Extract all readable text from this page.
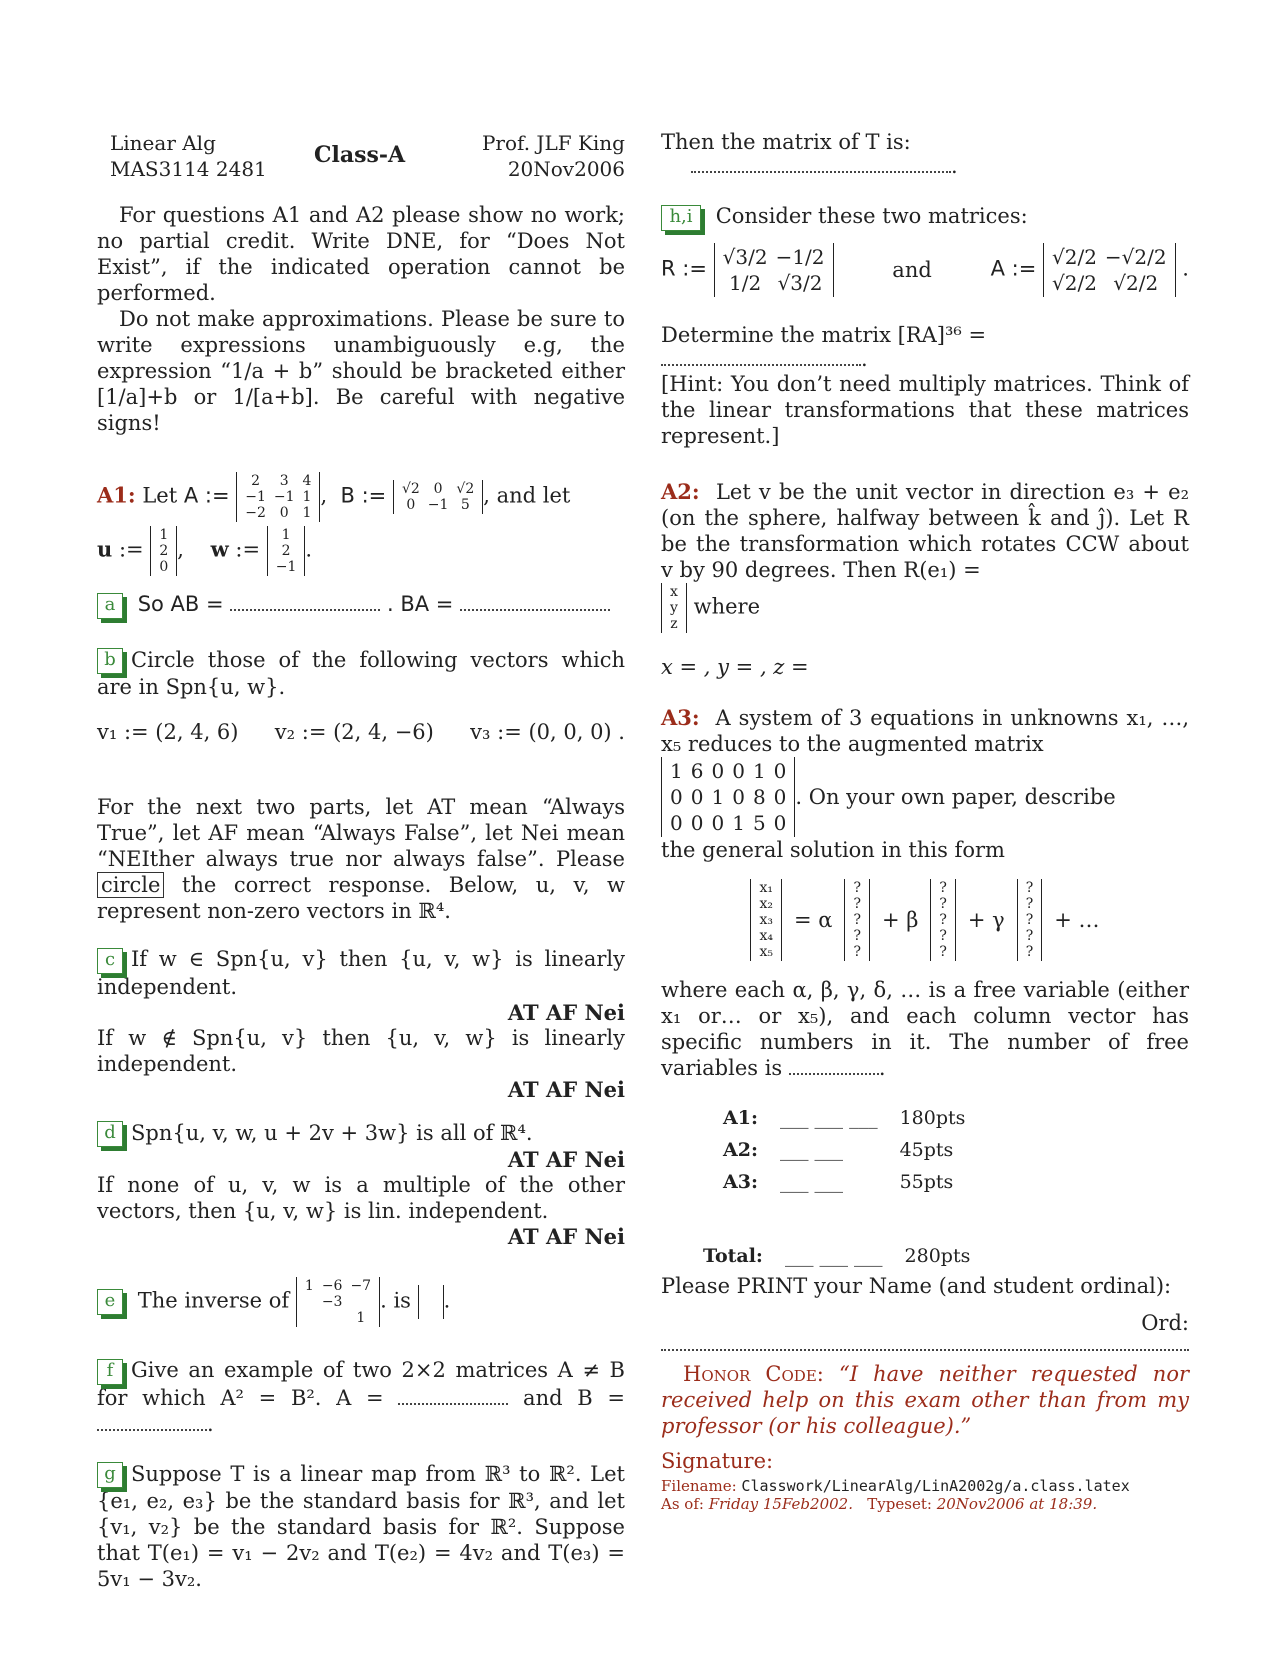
Linear Alg
MAS3114 2481
Class-A	Prof. JLF King
20Nov2006

For questions A1 and A2 please show no work; no partial credit. Write DNE, for “Does Not Exist”, if the indicated operation cannot be performed.

Do not make approximations. Please be sure to write expressions unambiguously e.g, the expression “1/a + b” should be bracketed either [1/a]+b or 1/[a+b]. Be careful with negative signs!

A1: Let A := 2	3	4
−1	−1	1
−2	0	1,  B := √2	0	√2
0	−1	5 , and let
u := 1
2
0,    w := 1
2
−1.
a So AB =	. BA =

b Circle those of the following vectors which are in Spn{u, w}.

v₁ := (2, 4, 6) v₂ := (2, 4, −6) v₃ := (0, 0, 0) .

For the next two parts, let AT mean “Always True”, let AF mean “Always False”, let Nei mean “NEIther always true nor always false”. Please circle the correct response. Below, u, v, w represent non-zero vectors in ℝ⁴.

c If w ∈ Spn{u, v} then {u, v, w} is linearly independent.

AT AF Nei

If w ∉ Spn{u, v} then {u, v, w} is linearly independent.

AT AF Nei

d Spn{u, v, w, u + 2v + 3w} is all of ℝ⁴.

AT AF Nei

If none of u, v, w is a multiple of the other vectors, then {u, v, w} is lin. independent.

AT AF Nei
e The inverse of 1	−6	−7
	−3	
		1. is .

f Give an example of two 2×2 matrices A ≠ B for which A² = B². A =	and B = .

g Suppose T is a linear map from ℝ³ to ℝ². Let {e₁, e₂, e₃} be the standard basis for ℝ³, and let {v₁, v₂} be the standard basis for ℝ². Suppose that T(e₁) = v₁ − 2v₂ and T(e₂) = 4v₂ and T(e₃) = 5v₁ − 3v₂.

Then the matrix of T is: .
h,i Consider these two matrices:
R := √3/2	−1/2
1/2	√3/2
and	A := √2/2	−√2/2
√2/2	√2/2 .
Determine the matrix [RA]³⁶ = .

[Hint: You don’t need multiply matrices. Think of the linear transformations that these matrices represent.]

A2: Let v be the unit vector in direction e₃ + e₂ (on the sphere, halfway between k̂ and ĵ). Let R be the transformation which rotates CCW about v by 90 degrees. Then R(e₁) =

x
y
z where

x = , y = , z =

A3: A system of 3 equations in unknowns x₁, …, x₅ reduces to the augmented matrix

1	6	0	0	1	0
0	0	1	0	8	0
0	0	0	1	5	0
. On your own paper, describe

the general solution in this form

x₁
x₂
x₃
x₄
x₅
= α
?
?
?
?
?
+ β
?
?
?
?
?
+ γ
?
?
?
?
?
+ …

where each α, β, γ, δ, … is a free variable (either x₁ or… or x₅), and each column vector has specific numbers in it. The number of free variables is	.

A1:	___ ___ ___	180pts
A2:	___ ___	45pts
A3:	___ ___	55pts
Total:	___ ___ ___	280pts

Please PRINT your Name (and student ordinal):

Ord:

Honor Code: “I have neither requested nor received help on this exam other than from my professor (or his colleague).”

Signature:
Filename: Classwork/LinearAlg/LinA2002g/a.class.latex
As of: Friday 15Feb2002. Typeset: 20Nov2006 at 18:39.
